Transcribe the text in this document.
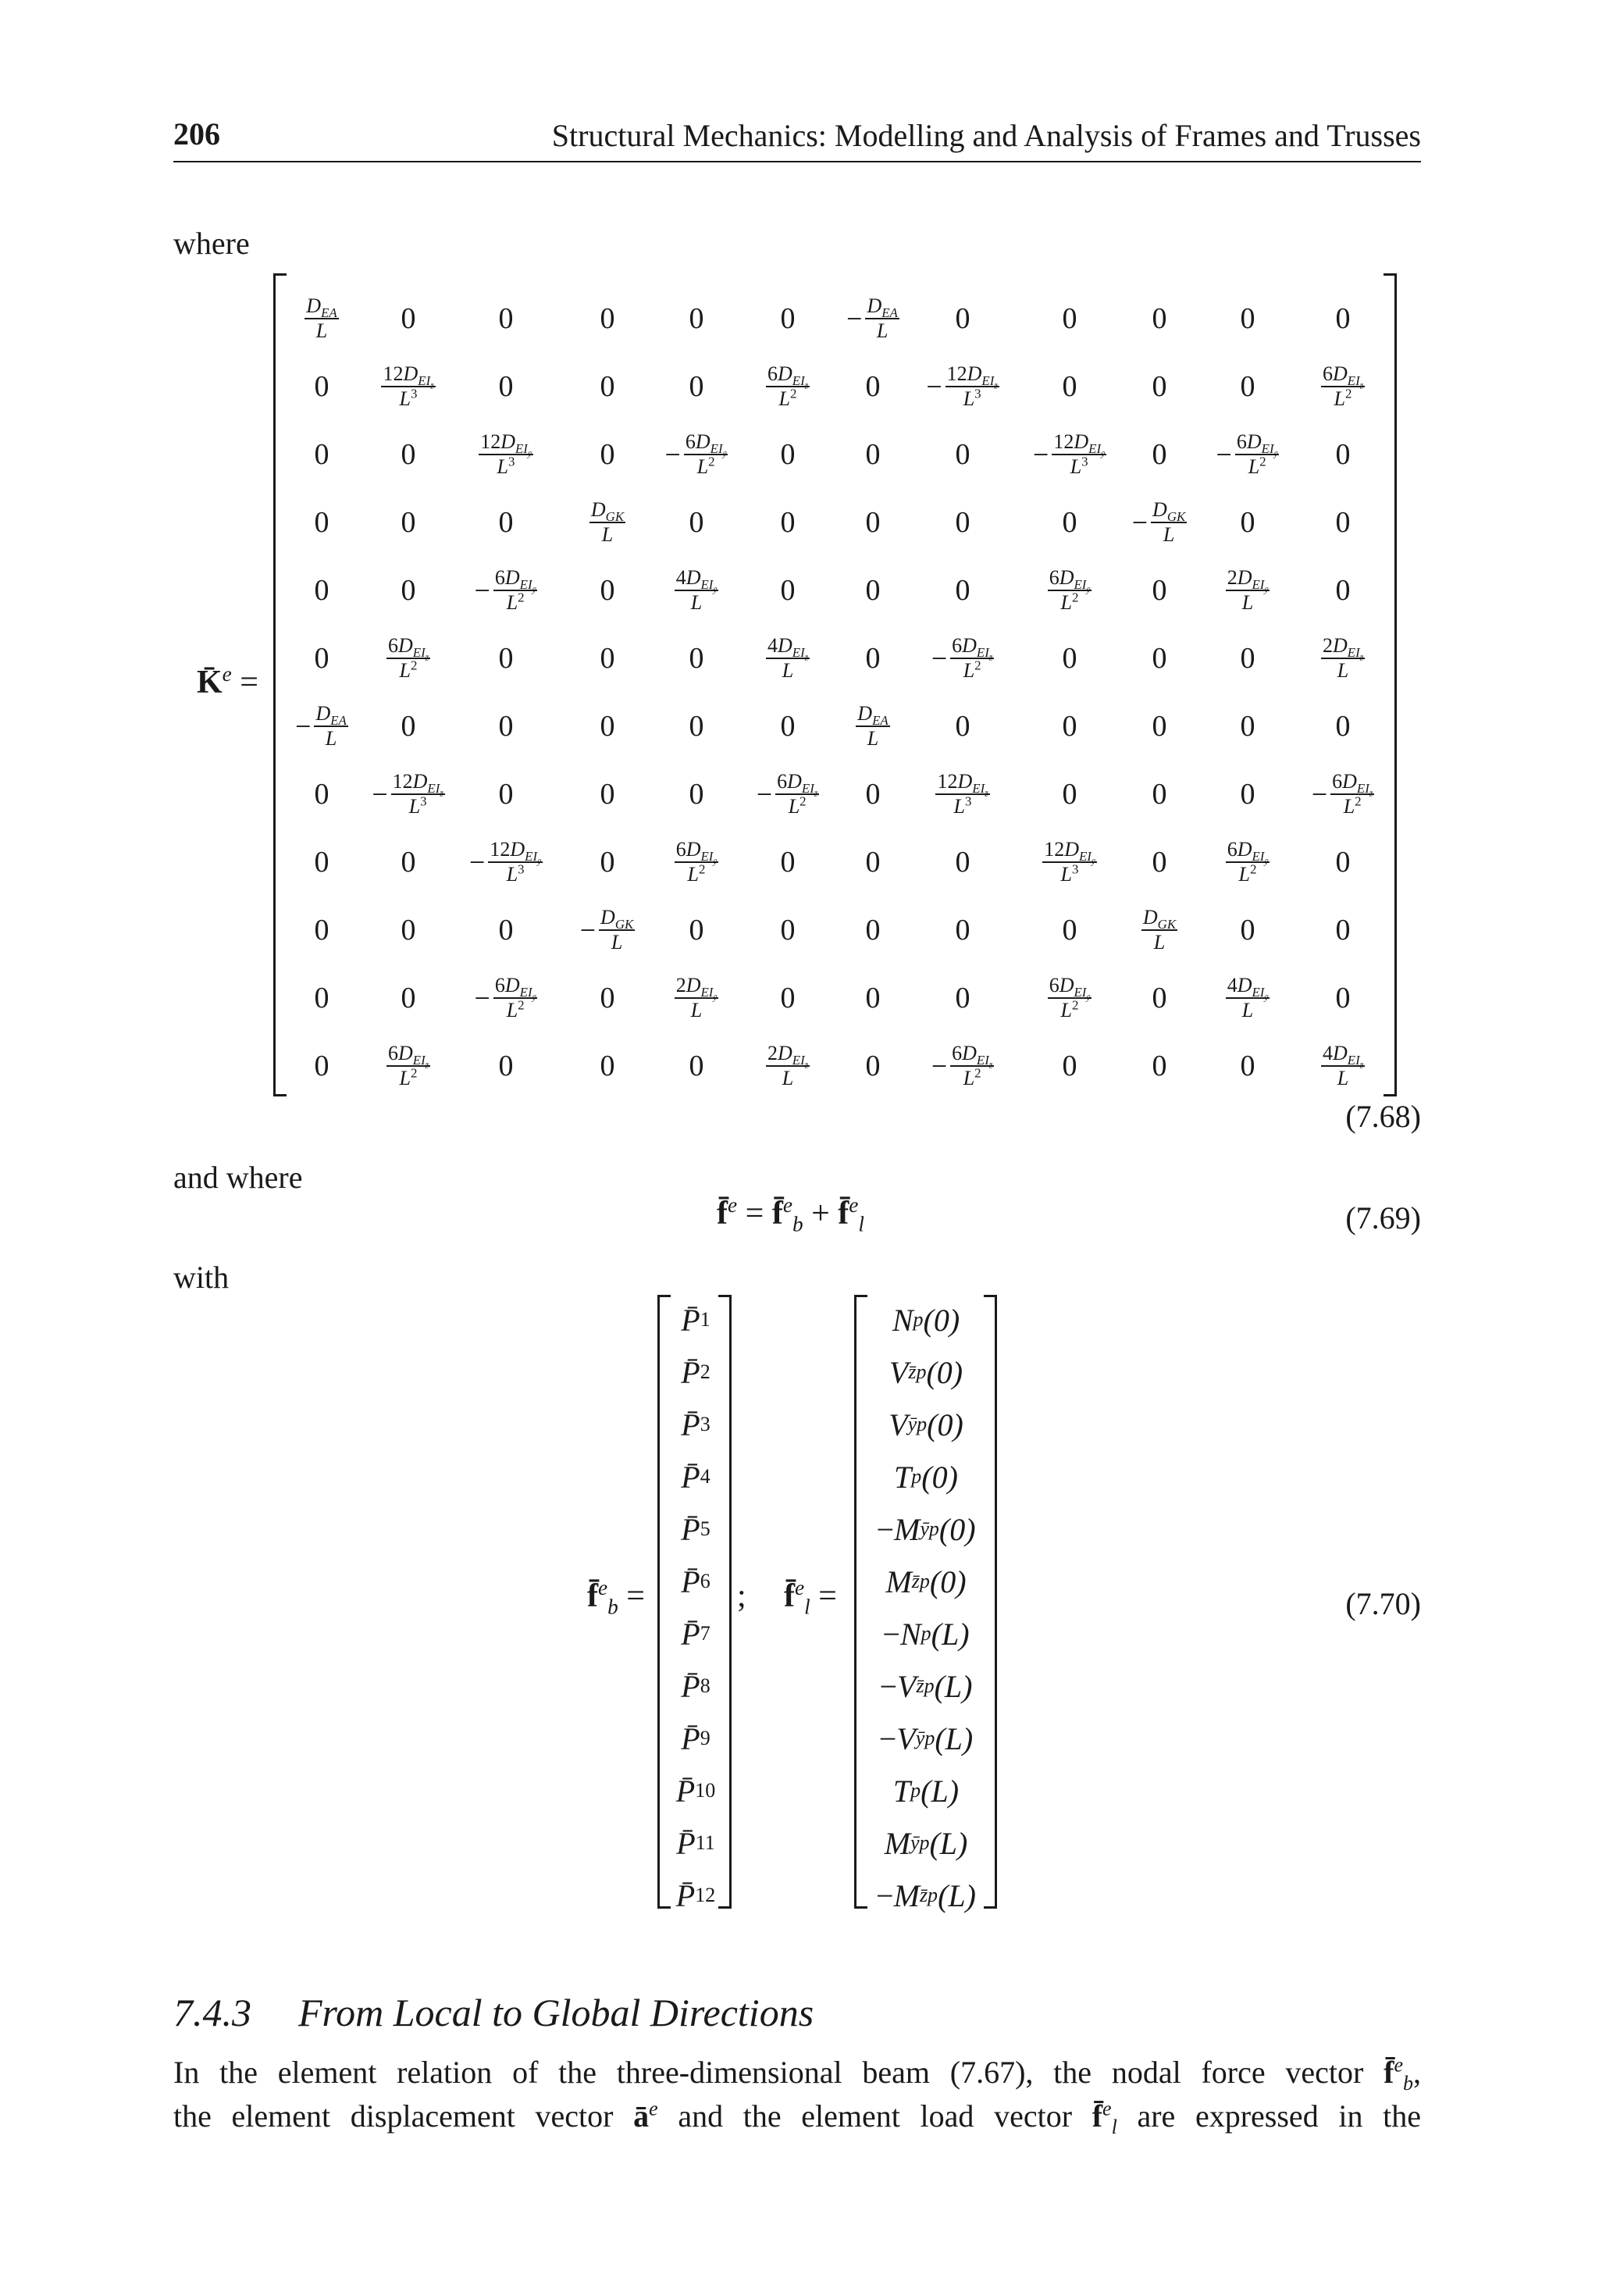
206	Structural Mechanics: Modelling and Analysis of Frames and Trusses
where
K̄$^e$ =
$\frac{D_{EA}}{L}$	0	0	0	0	0	− $\frac{D_{EA}}{L}$	0	0	0	0	0
0	$\frac{12D_{EI_{z̄}}}{L^3}$	0	0	0	$\frac{6D_{EI_{z̄}}}{L^2}$	0	− $\frac{12D_{EI_{z̄}}}{L^3}$	0	0	0	$\frac{6D_{EI_{z̄}}}{L^2}$
0	0	$\frac{12D_{EI_ȳ}}{L^3}$	0	− $\frac{6D_{EI_ȳ}}{L^2}$	0	0	0	− $\frac{12D_{EI_ȳ}}{L^3}$	0	− $\frac{6D_{EI_ȳ}}{L^2}$	0
0	0	0	$\frac{D_{GK}}{L}$	0	0	0	0	0	− $\frac{D_{GK}}{L}$	0	0
0	0	− $\frac{6D_{EI_ȳ}}{L^2}$	0	$\frac{4D_{EI_ȳ}}{L}$	0	0	0	$\frac{6D_{EI_ȳ}}{L^2}$	0	$\frac{2D_{EI_ȳ}}{L}$	0
0	$\frac{6D_{EI_{z̄}}}{L^2}$	0	0	0	$\frac{4D_{EI_{z̄}}}{L}$	0	− $\frac{6D_{EI_{z̄}}}{L^2}$	0	0	0	$\frac{2D_{EI_{z̄}}}{L}$
− $\frac{D_{EA}}{L}$	0	0	0	0	0	$\frac{D_{EA}}{L}$	0	0	0	0	0
0	− $\frac{12D_{EI_{z̄}}}{L^3}$	0	0	0	− $\frac{6D_{EI_{z̄}}}{L^2}$	0	$\frac{12D_{EI_{z̄}}}{L^3}$	0	0	0	− $\frac{6D_{EI_{z̄}}}{L^2}$
0	0	− $\frac{12D_{EI_ȳ}}{L^3}$	0	$\frac{6D_{EI_ȳ}}{L^2}$	0	0	0	$\frac{12D_{EI_ȳ}}{L^3}$	0	$\frac{6D_{EI_ȳ}}{L^2}$	0
0	0	0	− $\frac{D_{GK}}{L}$	0	0	0	0	0	$\frac{D_{GK}}{L}$	0	0
0	0	− $\frac{6D_{EI_ȳ}}{L^2}$	0	$\frac{2D_{EI_ȳ}}{L}$	0	0	0	$\frac{6D_{EI_ȳ}}{L^2}$	0	$\frac{4D_{EI_ȳ}}{L}$	0
0	$\frac{6D_{EI_{z̄}}}{L^2}$	0	0	0	$\frac{2D_{EI_{z̄}}}{L}$	0	− $\frac{6D_{EI_{z̄}}}{L^2}$	0	0	0	$\frac{4D_{EI_{z̄}}}{L}$
(7.68)
and where
f̄$^e$ = f̄$^e_b$ + f̄$^e_l$	(7.69)
with
f̄$^e_b$ =
P̄ 1
P̄ 2
P̄ 3
P̄ 4
P̄ 5
P̄ 6
P̄ 7
P̄ 8
P̄ 9
P̄ 10
P̄ 11
P̄ 12
; f̄$^e_l$ =
N p (0)
V z̄p (0)
V ȳp (0)
T p (0)
− M ȳp (0)
M z̄p (0)
− N p (L)
− V z̄p (L)
− V ȳp (L)
T p (L)
M ȳp (L)
− M z̄p (L)
(7.70)
7.4.3 From Local to Global Directions
In the element relation of the three-dimensional beam (7.67), the nodal force vector f̄$^e_b$,
the element displacement vector $ā^e$ and the element load vector f̄$^e_l$ are expressed in the
